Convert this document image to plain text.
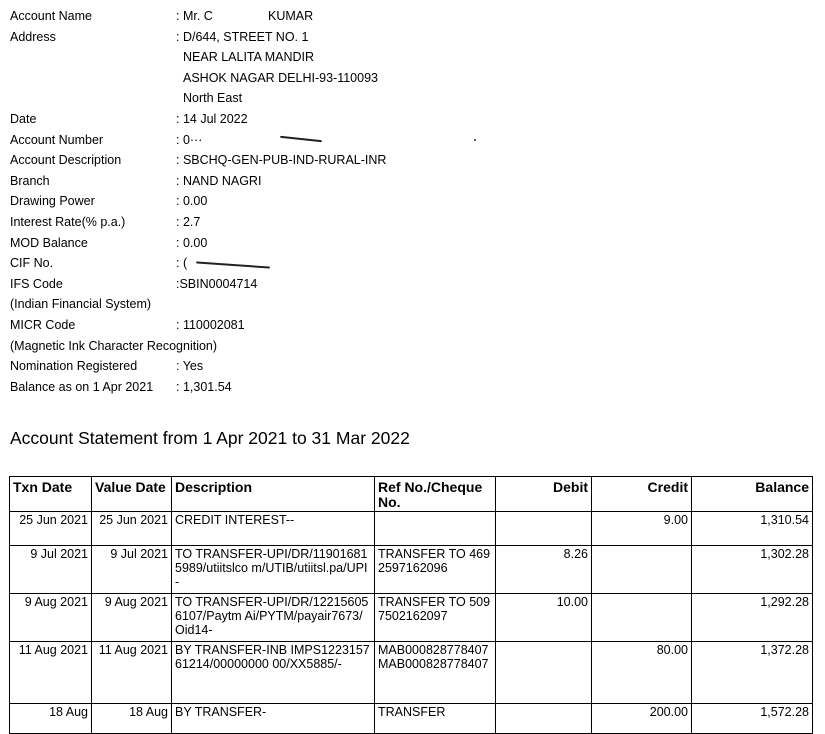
Account Name	: Mr. С	KUMAR
Address	: D/644, STREET NO. 1
NEAR LALITA MANDIR
ASHOK NAGAR DELHI-93-110093
North East
Date	: 14 Jul 2022
Account Number	: 0···
Account Description	: SBCHQ-GEN-PUB-IND-RURAL-INR
Branch	: NAND NAGRI
Drawing Power	: 0.00
Interest Rate(% p.a.)	: 2.7
MOD Balance	: 0.00
CIF No.	: (
IFS Code	:SBIN0004714
(Indian Financial System)
MICR Code	: 110002081
(Magnetic Ink Character Recognition)
Nomination Registered	: Yes
Balance as on 1 Apr 2021 : 1,301.54
Account Statement from 1 Apr 2021 to 31 Mar 2022
Txn Date	Value Date	Description	Ref No./Cheque No.	Debit	Credit	Balance
25 Jun 2021	25 Jun 2021	CREDIT INTEREST--			9.00	1,310.54
9 Jul 2021	9 Jul 2021	TO TRANSFER-UPI/DR/119016815989/utiitslco m/UTIB/utiitsl.pa/UPI-	TRANSFER TO 4692597162096	8.26		1,302.28
9 Aug 2021	9 Aug 2021	TO TRANSFER-UPI/DR/122156056107/Paytm Ai/PYTM/payair7673/Oid14-	TRANSFER TO 5097502162097	10.00		1,292.28
11 Aug 2021	11 Aug 2021	BY TRANSFER-INB IMPS122315761214/00000000 00/XX5885/-	MAB000828778407 MAB000828778407		80.00	1,372.28
18 Aug	18 Aug	BY TRANSFER-	TRANSFER		200.00	1,572.28
